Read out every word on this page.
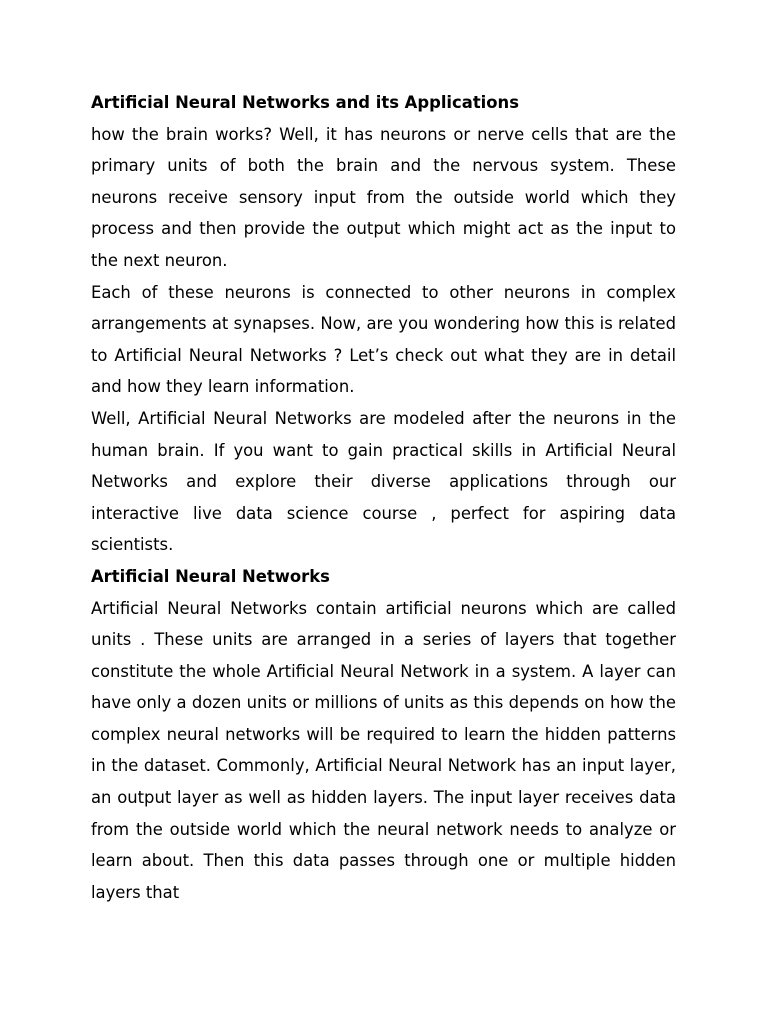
Artificial Neural Networks and its Applications

how the brain works? Well, it has neurons or nerve cells that are the primary units of both the brain and the nervous system. These neurons receive sensory input from the outside world which they process and then provide the output which might act as the input to the next neuron.

Each of these neurons is connected to other neurons in complex arrangements at synapses. Now, are you wondering how this is related to Artificial Neural Networks ? Let’s check out what they are in detail and how they learn information.

Well, Artificial Neural Networks are modeled after the neurons in the human brain. If you want to gain practical skills in Artificial Neural Networks and explore their diverse applications through our interactive live data science course , perfect for aspiring data scientists.

Artificial Neural Networks

Artificial Neural Networks contain artificial neurons which are called units . These units are arranged in a series of layers that together constitute the whole Artificial Neural Network in a system. A layer can have only a dozen units or millions of units as this depends on how the complex neural networks will be required to learn the hidden patterns in the dataset. Commonly, Artificial Neural Network has an input layer, an output layer as well as hidden layers. The input layer receives data from the outside world which the neural network needs to analyze or learn about. Then this data passes through one or multiple hidden layers that
